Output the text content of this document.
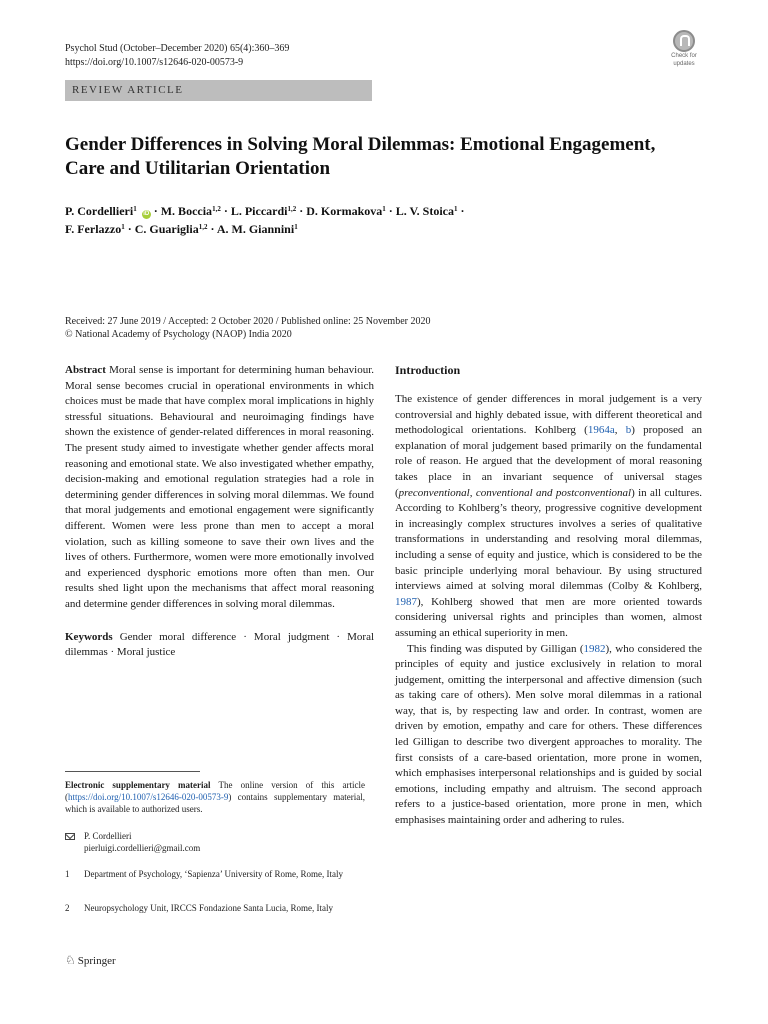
Psychol Stud (October–December 2020) 65(4):360–369
https://doi.org/10.1007/s12646-020-00573-9
Check for
updates
REVIEW ARTICLE
Gender Differences in Solving Moral Dilemmas: Emotional Engagement, Care and Utilitarian Orientation
P. Cordellieri$^1$ iD · M. Boccia$^{1,2}$ · L. Piccardi$^{1,2}$ · D. Kormakova$^1$ · L. V. Stoica$^1$ ·
F. Ferlazzo$^1$ · C. Guariglia$^{1,2}$ · A. M. Giannini$^1$
Received: 27 June 2019 / Accepted: 2 October 2020 / Published online: 25 November 2020
© National Academy of Psychology (NAOP) India 2020

Abstract Moral sense is important for determining human behaviour. Moral sense becomes crucial in operational environments in which choices must be made that have complex moral implications in highly stressful situations. Behavioural and neuroimaging findings have shown the existence of gender-related differences in moral reasoning. The present study aimed to investigate whether gender affects moral reasoning and emotional state. We also investigated whether empathy, decision-making and emotional regulation strategies had a role in determining gender differences in solving moral dilemmas. We found that moral judgements and emotional engagement were significantly different. Women were less prone than men to accept a moral violation, such as killing someone to save their own lives and the lives of others. Furthermore, women were more emotionally involved and experienced dysphoric emotions more often than men. Our results shed light upon the mechanisms that affect moral reasoning and determine gender differences in solving moral dilemmas.

Keywords Gender moral difference · Moral judgment · Moral dilemmas · Moral justice

Electronic supplementary material The online version of this article (https://doi.org/10.1007/s12646-020-00573-9) contains supplementary material, which is available to authorized users.
P. Cordellieri
pierluigi.cordellieri@gmail.com
1	Department of Psychology, ‘Sapienza’ University of Rome, Rome, Italy
2	Neuropsychology Unit, IRCCS Fondazione Santa Lucia, Rome, Italy
♘ Springer
Introduction

The existence of gender differences in moral judgement is a very controversial and highly debated issue, with different theoretical and methodological orientations. Kohlberg (1964a, b) proposed an explanation of moral judgement based primarily on the fundamental role of reason. He argued that the development of moral reasoning takes place in an invariant sequence of universal stages (preconventional, conventional and postconventional) in all cultures. According to Kohlberg’s theory, progressive cognitive development in increasingly complex structures involves a series of qualitative transformations in understanding and resolving moral dilemmas, including a sense of equity and justice, which is considered to be the basic principle underlying moral behaviour. By using structured interviews aimed at solving moral dilemmas (Colby & Kohlberg, 1987), Kohlberg showed that men are more oriented towards considering universal rights and principles than women, almost assuming an ethical superiority in men.

This finding was disputed by Gilligan (1982), who considered the principles of equity and justice exclusively in relation to moral judgement, omitting the interpersonal and affective dimension (such as taking care of others). Men solve moral dilemmas in a rational way, that is, by respecting law and order. In contrast, women are driven by emotion, empathy and care for others. These differences led Gilligan to describe two divergent approaches to morality. The first consists of a care-based orientation, more prone in women, which emphasises interpersonal relationships and is guided by social emotions, including empathy and altruism. The second approach refers to a justice-based orientation, more prone in men, which emphasises maintaining order and adhering to rules.
